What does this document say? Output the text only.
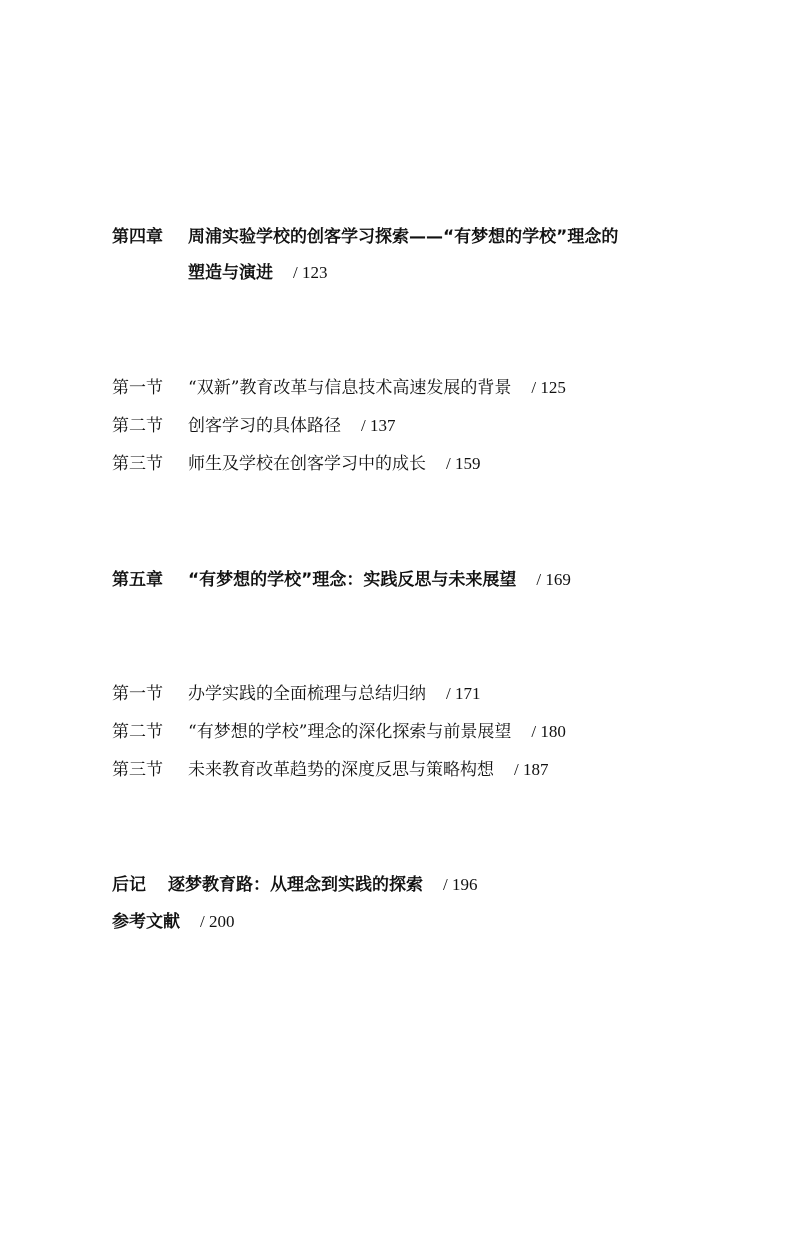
第四章 周浦实验学校的创客学习探索——“有梦想的学校”理念的
塑造与演进 / 123
第一节 “双新”教育改革与信息技术高速发展的背景 / 125
第二节 创客学习的具体路径 / 137
第三节 师生及学校在创客学习中的成长 / 159
第五章 “有梦想的学校”理念：实践反思与未来展望 / 169
第一节 办学实践的全面梳理与总结归纳 / 171
第二节 “有梦想的学校”理念的深化探索与前景展望 / 180
第三节 未来教育改革趋势的深度反思与策略构想 / 187
后记 逐梦教育路：从理念到实践的探索 / 196
参考文献 / 200
